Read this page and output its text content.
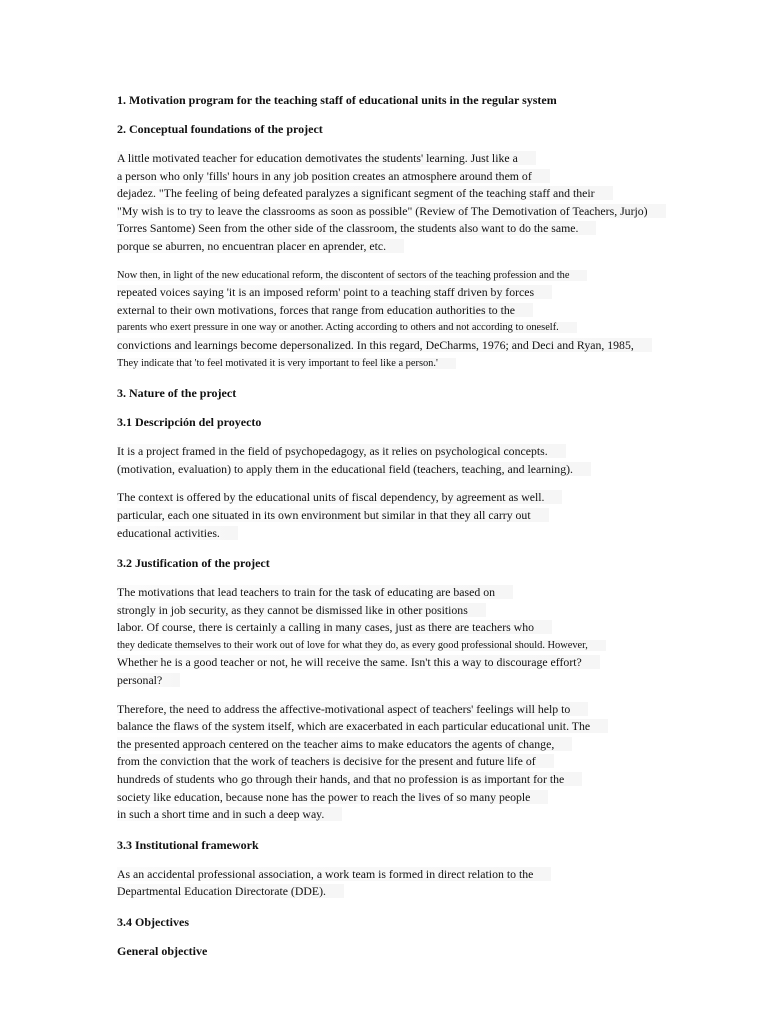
1. Motivation program for the teaching staff of educational units in the regular system

2. Conceptual foundations of the project

A little motivated teacher for education demotivates the students' learning. Just like a
a person who only 'fills' hours in any job position creates an atmosphere around them of
dejadez. "The feeling of being defeated paralyzes a significant segment of the teaching staff and their
"My wish is to try to leave the classrooms as soon as possible" (Review of The Demotivation of Teachers, Jurjo)
Torres Santome) Seen from the other side of the classroom, the students also want to do the same.
porque se aburren, no encuentran placer en aprender, etc.
Now then, in light of the new educational reform, the discontent of sectors of the teaching profession and the
repeated voices saying 'it is an imposed reform' point to a teaching staff driven by forces
external to their own motivations, forces that range from education authorities to the
parents who exert pressure in one way or another. Acting according to others and not according to oneself.
convictions and learnings become depersonalized. In this regard, DeCharms, 1976; and Deci and Ryan, 1985,
They indicate that 'to feel motivated it is very important to feel like a person.'

3. Nature of the project

3.1 Descripción del proyecto

It is a project framed in the field of psychopedagogy, as it relies on psychological concepts.
(motivation, evaluation) to apply them in the educational field (teachers, teaching, and learning).
The context is offered by the educational units of fiscal dependency, by agreement as well.
particular, each one situated in its own environment but similar in that they all carry out
educational activities.

3.2 Justification of the project

The motivations that lead teachers to train for the task of educating are based on
strongly in job security, as they cannot be dismissed like in other positions
labor. Of course, there is certainly a calling in many cases, just as there are teachers who
they dedicate themselves to their work out of love for what they do, as every good professional should. However,
Whether he is a good teacher or not, he will receive the same. Isn't this a way to discourage effort?
personal?
Therefore, the need to address the affective-motivational aspect of teachers' feelings will help to
balance the flaws of the system itself, which are exacerbated in each particular educational unit. The
the presented approach centered on the teacher aims to make educators the agents of change,
from the conviction that the work of teachers is decisive for the present and future life of
hundreds of students who go through their hands, and that no profession is as important for the
society like education, because none has the power to reach the lives of so many people
in such a short time and in such a deep way.

3.3 Institutional framework

As an accidental professional association, a work team is formed in direct relation to the
Departmental Education Directorate (DDE).

3.4 Objectives

General objective
